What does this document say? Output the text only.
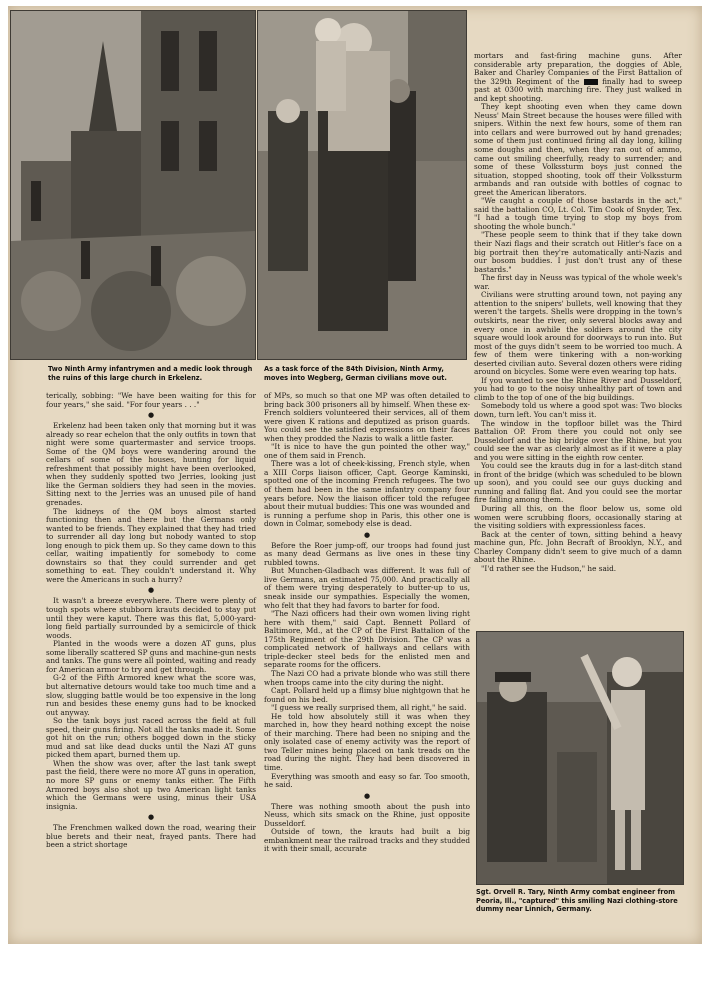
Two Ninth Army infantrymen and a medic look through the ruins of this large church in Erkelenz.
As a task force of the 84th Division, Ninth Army, moves into Wegberg, German civilians move out.

terically, sobbing: "We have been waiting for this for four years," she said. "For four years . . ."

●

Erkelenz had been taken only that morning but it was already so rear echelon that the only outfits in town that night were some quartermaster and service troops. Some of the QM boys were wandering around the cellars of some of the houses, hunting for liquid refreshment that possibly might have been overlooked, when they suddenly spotted two Jerries, looking just like the German soldiers they had seen in the movies. Sitting next to the Jerries was an unused pile of hand grenades.

The kidneys of the QM boys almost started functioning then and there but the Germans only wanted to be friends. They explained that they had tried to surrender all day long but nobody wanted to stop long enough to pick them up. So they came down to this cellar, waiting impatiently for somebody to come downstairs so that they could surrender and get something to eat. They couldn't understand it. Why were the Americans in such a hurry?

●

It wasn't a breeze everywhere. There were plenty of tough spots where stubborn krauts decided to stay put until they were kaput. There was this flat, 5,000-yard-long field partially surrounded by a semicircle of thick woods.

Planted in the woods were a dozen AT guns, plus some liberally scattered SP guns and machine-gun nests and tanks. The guns were all pointed, waiting and ready for American armor to try and get through.

G-2 of the Fifth Armored knew what the score was, but alternative detours would take too much time and a slow, slugging battle would be too expensive in the long run and besides these enemy guns had to be knocked out anyway.

So the tank boys just raced across the field at full speed, their guns firing. Not all the tanks made it. Some got hit on the run; others bogged down in the sticky mud and sat like dead ducks until the Nazi AT guns picked them apart, burned them up.

When the show was over, after the last tank swept past the field, there were no more AT guns in operation, no more SP guns or enemy tanks either. The Fifth Armored boys also shot up two American light tanks which the Germans were using, minus their USA insignia.

●

The Frenchmen walked down the road, wearing their blue berets and their neat, frayed pants. There had been a strict shortage

of MPs, so much so that one MP was often detailed to bring back 300 prisoners all by himself. When these ex-French soldiers volunteered their services, all of them were given K rations and deputized as prison guards. You could see the satisfied expressions on their faces when they prodded the Nazis to walk a little faster.

"It is nice to have the gun pointed the other way," one of them said in French.

There was a lot of cheek-kissing, French style, when a XIII Corps liaison officer, Capt. George Kaminski, spotted one of the incoming French refugees. The two of them had been in the same infantry company four years before. Now the liaison officer told the refugee about their mutual buddies: This one was wounded and is running a perfume shop in Paris, this other one is down in Colmar, somebody else is dead.

●

Before the Roer jump-off, our troops had found just as many dead Germans as live ones in these tiny rubbled towns.

But Munchen-Gladbach was different. It was full of live Germans, an estimated 75,000. And practically all of them were trying desperately to butter-up to us, sneak inside our sympathies. Especially the women, who felt that they had favors to barter for food.

"The Nazi officers had their own women living right here with them," said Capt. Bennett Pollard of Baltimore, Md., at the CP of the First Battalion of the 175th Regiment of the 29th Division. The CP was a complicated network of hallways and cellars with triple-decker steel beds for the enlisted men and separate rooms for the officers.

The Nazi CO had a private blonde who was still there when troops came into the city during the night.

Capt. Pollard held up a flimsy blue nightgown that he found on his bed.

"I guess we really surprised them, all right," he said.

He told how absolutely still it was when they marched in, how they heard nothing except the noise of their marching. There had been no sniping and the only isolated case of enemy activity was the report of two Teller mines being placed on tank treads on the road during the night. They had been discovered in time.

Everything was smooth and easy so far. Too smooth, he said.

●

There was nothing smooth about the push into Neuss, which sits smack on the Rhine, just opposite Dusseldorf.

Outside of town, the krauts had built a big embankment near the railroad tracks and they studded it with their small, accurate

mortars and fast-firing machine guns. After considerable arty preparation, the doggies of Able, Baker and Charley Companies of the First Battalion of the 329th Regiment of the	finally had to sweep past at 0300 with marching fire. They just walked in and kept shooting.

They kept shooting even when they came down Neuss' Main Street because the houses were filled with snipers. Within the next few hours, some of them ran into cellars and were burrowed out by hand grenades; some of them just continued firing all day long, killing some doughs and then, when they ran out of ammo, came out smiling cheerfully, ready to surrender; and some of these Volkssturm boys just conned the situation, stopped shooting, took off their Volkssturm armbands and ran outside with bottles of cognac to greet the American liberators.

"We caught a couple of those bastards in the act," said the battalion CO, Lt. Col. Tim Cook of Snyder, Tex. "I had a tough time trying to stop my boys from shooting the whole bunch."

"These people seem to think that if they take down their Nazi flags and their scratch out Hitler's face on a big portrait then they're automatically anti-Nazis and our bosom buddies. I just don't trust any of these bastards."

The first day in Neuss was typical of the whole week's war.

Civilians were strutting around town, not paying any attention to the snipers' bullets, well knowing that they weren't the targets. Shells were dropping in the town's outskirts, near the river, only several blocks away and every once in awhile the soldiers around the city square would look around for doorways to run into. But most of the guys didn't seem to be worried too much. A few of them were tinkering with a non-working deserted civilian auto. Several dozen others were riding around on bicycles. Some were even wearing top hats.

If you wanted to see the Rhine River and Dusseldorf, you had to go to the noisy unhealthy part of town and climb to the top of one of the big buildings.

Somebody told us where a good spot was: Two blocks down, turn left. You can't miss it.

The window in the topfloor billet was the Third Battalion OP. From there you could not only see Dusseldorf and the big bridge over the Rhine, but you could see the war as clearly almost as if it were a play and you were sitting in the eighth row center.

You could see the krauts dug in for a last-ditch stand in front of the bridge (which was scheduled to be blown up soon), and you could see our guys ducking and running and falling flat. And you could see the mortar fire falling among them.

During all this, on the floor below us, some old women were scrubbing floors, occasionally staring at the visiting soldiers with expressionless faces.

Back at the center of town, sitting behind a heavy machine gun, Pfc. John Becraft of Brooklyn, N.Y., and Charley Company didn't seem to give much of a damn about the Rhine.

"I'd rather see the Hudson," he said.

Sgt. Orvell R. Tary, Ninth Army combat engineer from Peoria, Ill., "captured" this smiling Nazi clothing-store dummy near Linnich, Germany.
